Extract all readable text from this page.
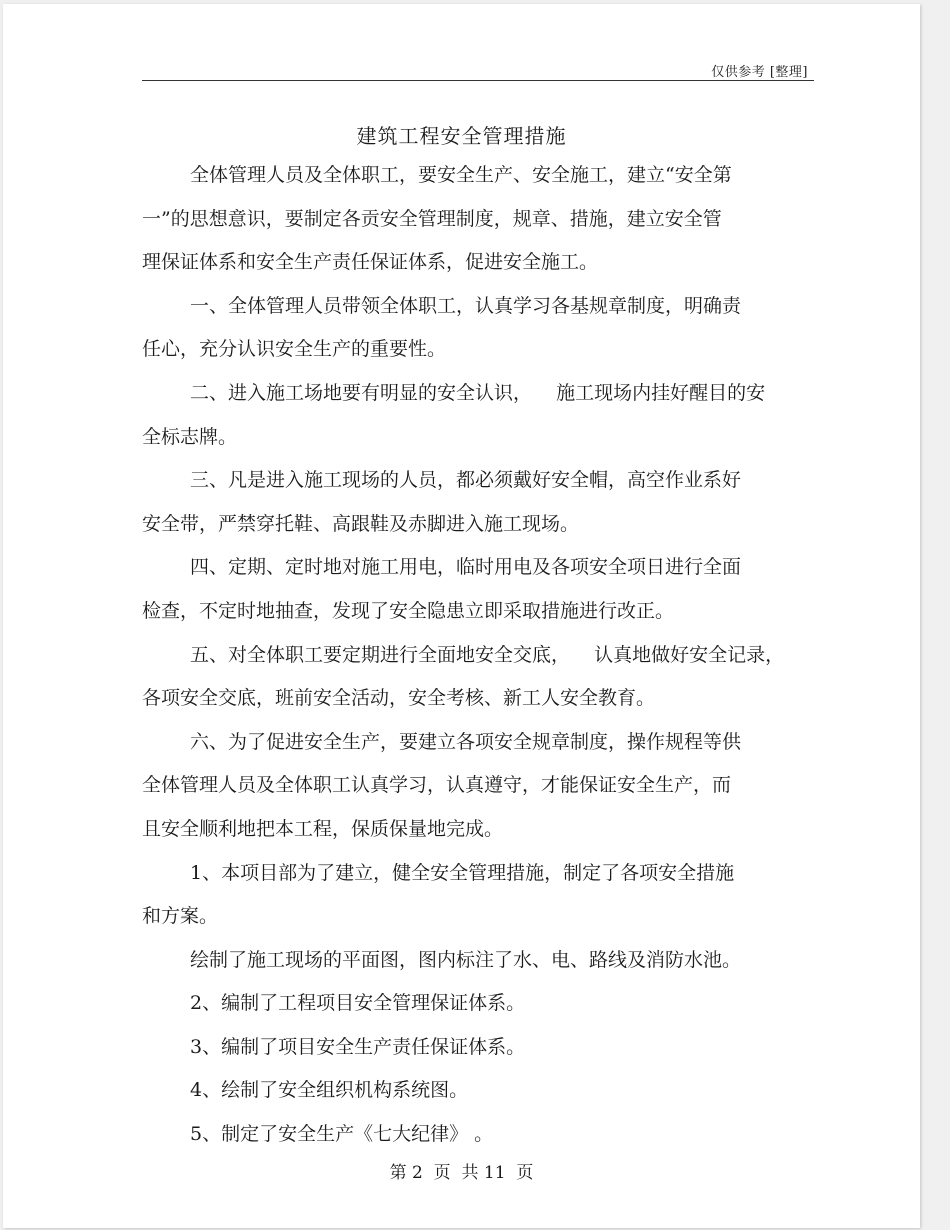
仅供参考 [整理]
建筑工程安全管理措施
全体管理人员及全体职工，要安全生产、安全施工，建立“安全第
一”的思想意识，要制定各贡安全管理制度，规章、措施，建立安全管
理保证体系和安全生产责任保证体系，促进安全施工。
一、全体管理人员带领全体职工，认真学习各基规章制度，明确责
任心，充分认识安全生产的重要性。
二、进入施工场地要有明显的安全认识，    施工现场内挂好醒目的安
全标志牌。
三、凡是进入施工现场的人员，都必须戴好安全帽，高空作业系好
安全带，严禁穿托鞋、高跟鞋及赤脚进入施工现场。
四、定期、定时地对施工用电，临时用电及各项安全项日进行全面
检查，不定时地抽查，发现了安全隐患立即采取措施进行改正。
五、对全体职工要定期进行全面地安全交底，    认真地做好安全记录，
各项安全交底，班前安全活动，安全考核、新工人安全教育。
六、为了促进安全生产，要建立各项安全规章制度，操作规程等供
全体管理人员及全体职工认真学习，认真遵守，才能保证安全生产，而
且安全顺利地把本工程，保质保量地完成。
1、本项目部为了建立，健全安全管理措施，制定了各项安全措施
和方案。
绘制了施工现场的平面图，图内标注了水、电、路线及消防水池。
2、编制了工程项目安全管理保证体系。
3、编制了项目安全生产责任保证体系。
4、绘制了安全组织机构系统图。
5、制定了安全生产《七大纪律》 。
第 2  页  共 11  页
